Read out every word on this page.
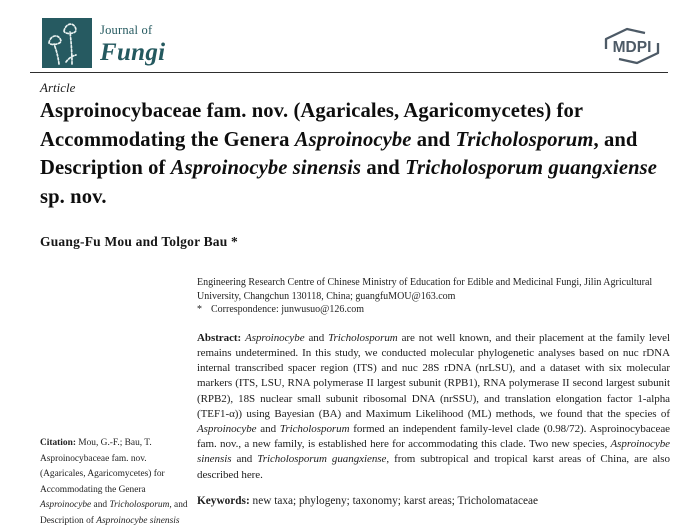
Journal of
Fungi	MDPI
Article
Asproinocybaceae fam. nov. (Agaricales, Agaricomycetes) for Accommodating the Genera Asproinocybe and Tricholosporum, and Description of Asproinocybe sinensis and Tricholosporum guangxiense sp. nov.
Guang-Fu Mou and Tolgor Bau *

Engineering Research Centre of Chinese Ministry of Education for Edible and Medicinal Fungi, Jilin Agricultural University, Changchun 130118, China; guangfuMOU@163.com

* Correspondence: junwusuo@126.com

Abstract: Asproinocybe and Tricholosporum are not well known, and their placement at the family level remains undetermined. In this study, we conducted molecular phylogenetic analyses based on nuc rDNA internal transcribed spacer region (ITS) and nuc 28S rDNA (nrLSU), and a dataset with six molecular markers (ITS, LSU, RNA polymerase II largest subunit (RPB1), RNA polymerase II second largest subunit (RPB2), 18S nuclear small subunit ribosomal DNA (nrSSU), and translation elongation factor 1-alpha (TEF1-α)) using Bayesian (BA) and Maximum Likelihood (ML) methods, we found that the species of Asproinocybe and Tricholosporum formed an independent family-level clade (0.98/72). Asproinocybaceae fam. nov., a new family, is established here for accommodating this clade. Two new species, Asproinocybe sinensis and Tricholosporum guangxiense, from subtropical and tropical karst areas of China, are also described here.

Keywords: new taxa; phylogeny; taxonomy; karst areas; Tricholomataceae

Citation: Mou, G.-F.; Bau, T. Asproinocybaceae fam. nov. (Agaricales, Agaricomycetes) for Accommodating the Genera Asproinocybe and Tricholosporum, and Description of Asproinocybe sinensis
